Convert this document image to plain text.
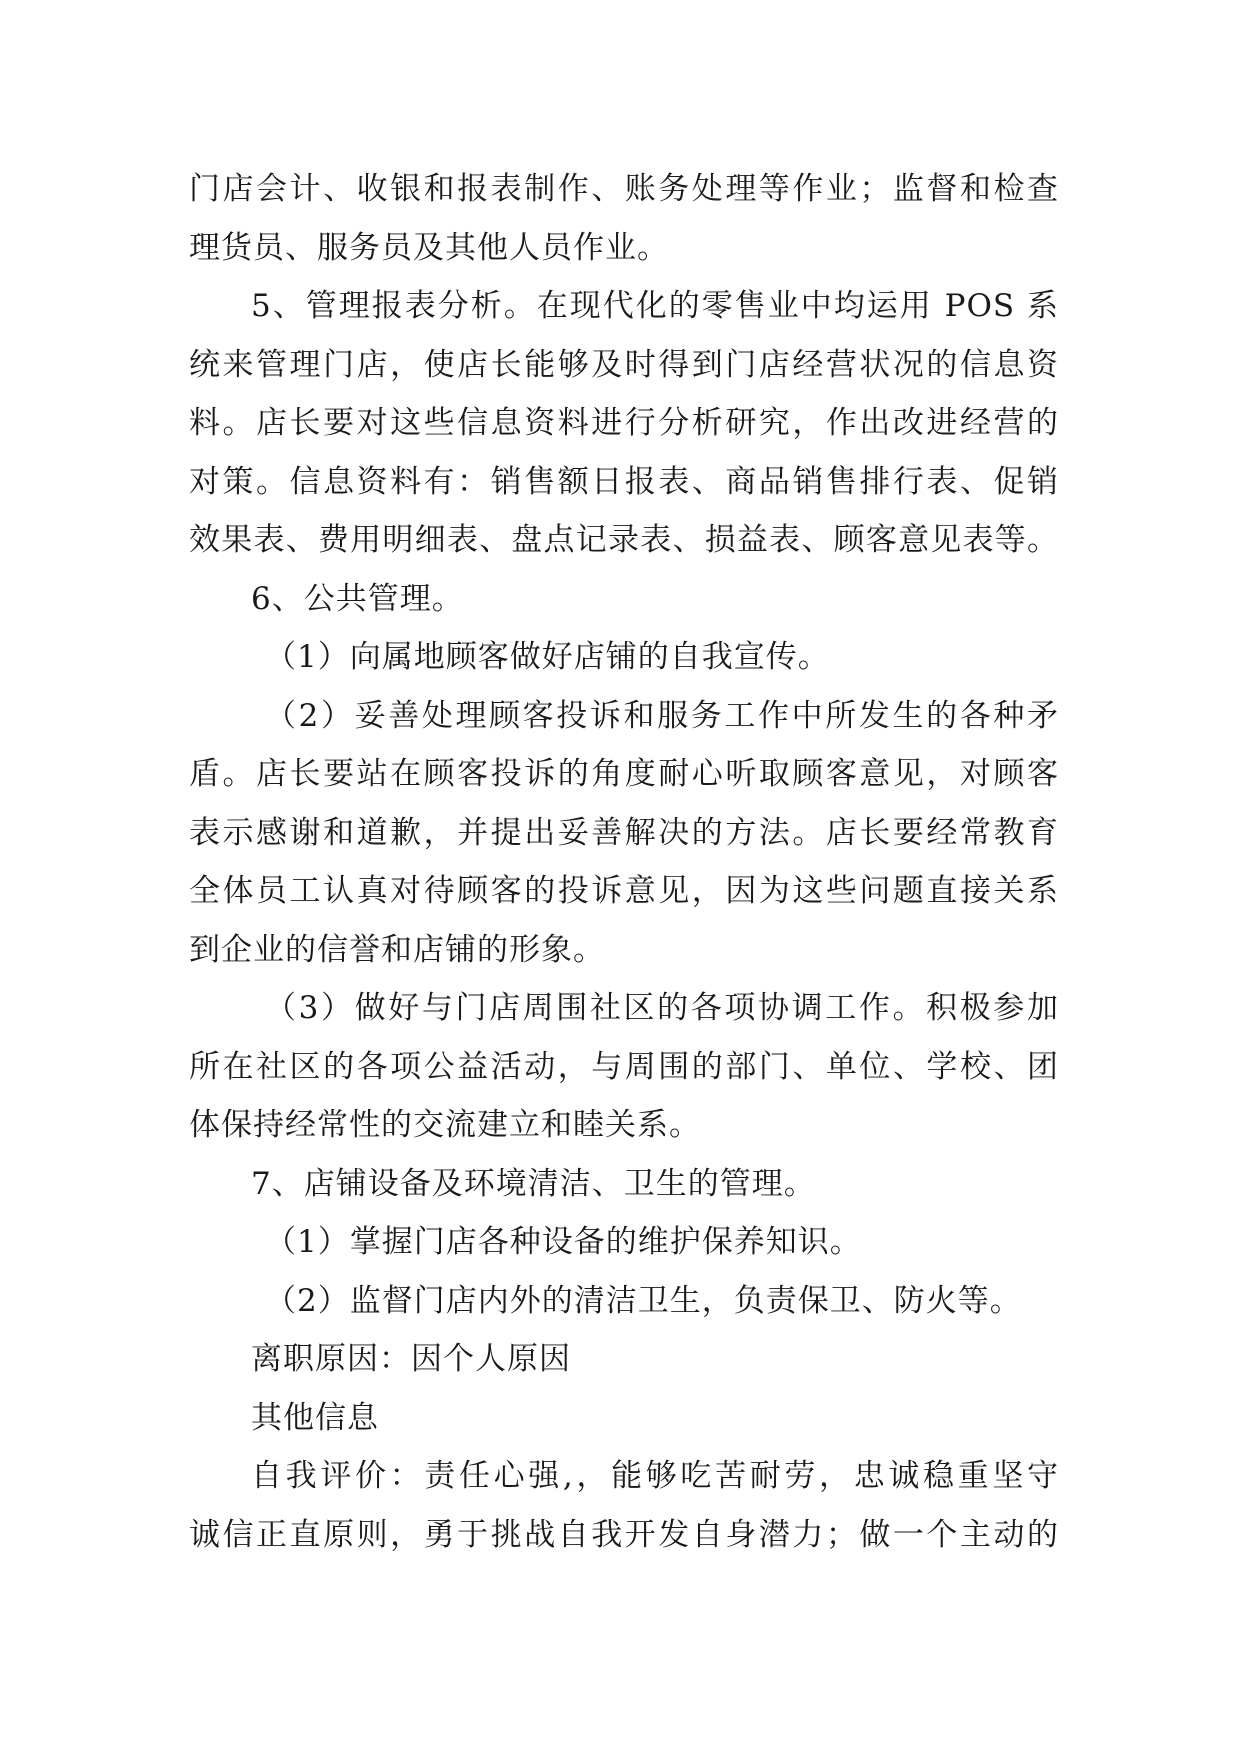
门店会计、收银和报表制作、账务处理等作业；监督和检查
理货员、服务员及其他人员作业。
5、管理报表分析。在现代化的零售业中均运用 POS 系
统来管理门店，使店长能够及时得到门店经营状况的信息资
料。店长要对这些信息资料进行分析研究，作出改进经营的
对策。信息资料有：销售额日报表、商品销售排行表、促销
效果表、费用明细表、盘点记录表、损益表、顾客意见表等。
6、公共管理。
（1）向属地顾客做好店铺的自我宣传。
（2）妥善处理顾客投诉和服务工作中所发生的各种矛
盾。店长要站在顾客投诉的角度耐心听取顾客意见，对顾客
表示感谢和道歉，并提出妥善解决的方法。店长要经常教育
全体员工认真对待顾客的投诉意见，因为这些问题直接关系
到企业的信誉和店铺的形象。
（3）做好与门店周围社区的各项协调工作。积极参加
所在社区的各项公益活动，与周围的部门、单位、学校、团
体保持经常性的交流建立和睦关系。
7、店铺设备及环境清洁、卫生的管理。
（1）掌握门店各种设备的维护保养知识。
（2）监督门店内外的清洁卫生，负责保卫、防火等。
离职原因：因个人原因
其他信息
自我评价：责任心强,，能够吃苦耐劳，忠诚稳重坚守
诚信正直原则，勇于挑战自我开发自身潜力；做一个主动的
